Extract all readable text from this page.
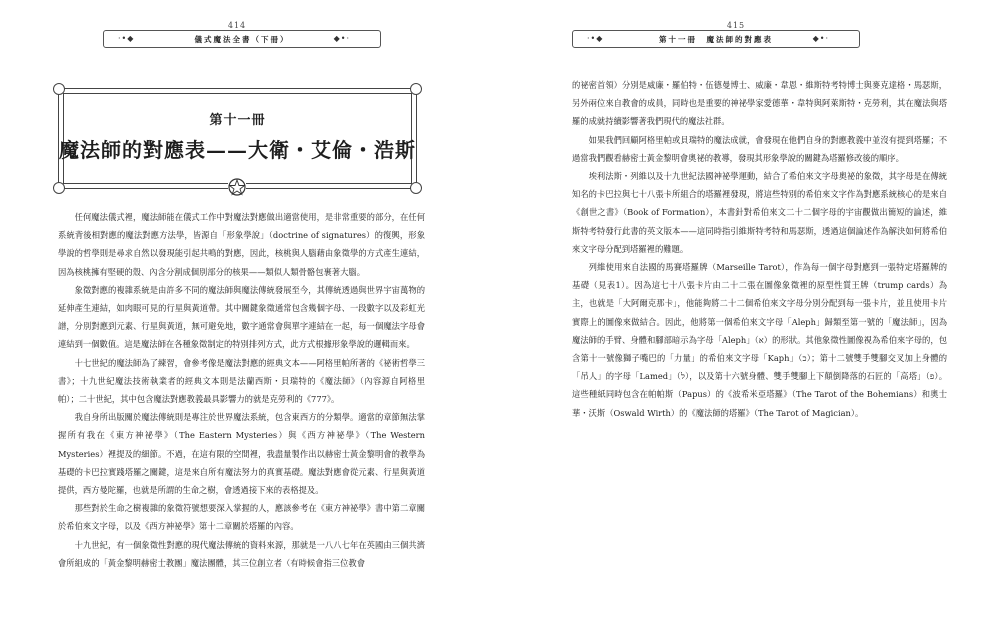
414
·•◆	儀式魔法全書（下冊）	◆•·
第十一冊
魔法師的對應表——大衛・艾倫・浩斯

任何魔法儀式裡，魔法師能在儀式工作中對魔法對應做出適當使用，是非常重要的部分，在任何系統背後相對應的魔法對應方法學，皆源自「形象學說」（doctrine of signatures）的復興，形象學說的哲學則是尋求自然以發現能引起共鳴的對應，因此，核桃與人腦藉由象徵學的方式產生連結，因為核桃擁有堅硬的殼、內含分割成個別部分的核果——類似人類骨骼包裹著大腦。

象徵對應的複雜系統是由許多不同的魔法師與魔法傳統發展至今，其傳統透過與世界宇宙萬物的延伸產生連結，如肉眼可見的行星與黃道帶。其中關鍵象徵通常包含幾個字母、一段數字以及彩虹光譜，分別對應到元素、行星與黃道，無可避免地，數字通常會與單字連結在一起，每一個魔法字母會連結到一個數值。這是魔法師在各種象徵制定的特別排列方式，此方式根據形象學說的邏輯而來。

十七世紀的魔法師為了練習，會參考像是魔法對應的經典文本——阿格里帕所著的《祕術哲學三書》；十九世紀魔法技術執業者的經典文本則是法蘭西斯・貝瑞特的《魔法師》（內容源自阿格里帕）；二十世紀，其中包含魔法對應教義最具影響力的就是克勞利的《777》。

我自身所出版關於魔法傳統則是專注於世界魔法系統，包含東西方的分類學。適當的章節無法掌握所有我在《東方神祕學》（The Eastern Mysteries）與《西方神祕學》（The Western Mysteries）裡提及的細節。不過，在這有限的空間裡，我盡量製作出以赫密士黃金黎明會的教學為基礎的卡巴拉實踐塔羅之關鍵，這是來自所有魔法努力的真實基礎。魔法對應會從元素、行星與黃道提供，西方曼陀羅，也就是所謂的生命之樹，會透過接下來的表格提及。

那些對於生命之樹複雜的象徵符號想要深入掌握的人，應該參考在《東方神祕學》書中第二章關於希伯來文字母，以及《西方神祕學》第十二章關於塔羅的內容。

十九世紀，有一個象徵性對應的現代魔法傳統的資料來源，那就是一八八七年在英國由三個共濟會所組成的「黃金黎明赫密士教團」魔法團體，其三位創立者（有時候會指三位教會

415
·•◆	第十一冊　魔法師的對應表	◆•·

的祕密首領）分別是威廉・羅伯特・伍德曼博士、威廉・韋恩・維斯特考特博士與麥克達格・馬瑟斯，另外兩位來自教會的成員，同時也是重要的神祕學家愛德華・韋特與阿萊斯特・克勞利，其在魔法與塔羅的成就持續影響著我們現代的魔法社群。

如果我們回顧阿格里帕或貝瑞特的魔法成就，會發現在他們自身的對應教義中並沒有提到塔羅；不過當我們觀看赫密士黃金黎明會奧祕的教導，發現其形象學說的關鍵為塔羅修改後的順序。

埃利法斯・列維以及十九世紀法國神祕學運動，結合了希伯來文字母奧祕的象徵，其字母是在傳統知名的卡巴拉與七十八張卡所組合的塔羅裡發現，將這些特別的希伯來文字作為對應系統核心的是來自《創世之書》（Book of Formation），本書針對希伯來文二十二個字母的宇宙觀做出簡短的論述，維斯特考特發行此書的英文版本——這同時指引維斯特考特和馬瑟斯，透過這個論述作為解決如何將希伯來文字母分配到塔羅裡的難題。

列維使用來自法國的馬賽塔羅牌（Marseille Tarot），作為每一個字母對應到一張特定塔羅牌的基礎（見表1）。因為這七十八張卡片由二十二張在圖像象徵裡的原型性質王牌（trump cards）為主，也就是「大阿爾克那卡」，他能夠將二十二個希伯來文字母分別分配到每一張卡片，並且使用卡片實際上的圖像來做結合。因此，他將第一個希伯來文字母「Aleph」歸類至第一號的「魔法師」，因為魔法師的手臂、身體和腳部暗示為字母「Aleph」（א）的形狀。其他象徵性圖像視為希伯來字母的，包含第十一號像獅子嘴巴的「力量」的希伯來文字母「Kaph」（כ）；第十二號雙手雙腳交叉加上身體的「吊人」的字母「Lamed」（ל），以及第十六號身體、雙手雙腳上下顛倒降落的石匠的「高塔」（פ）。這些種紙同時包含在帕帕斯（Papus）的《波希米亞塔羅》（The Tarot of the Bohemians）和奧士華・沃斯（Oswald Wirth）的《魔法師的塔羅》（The Tarot of Magician）。
